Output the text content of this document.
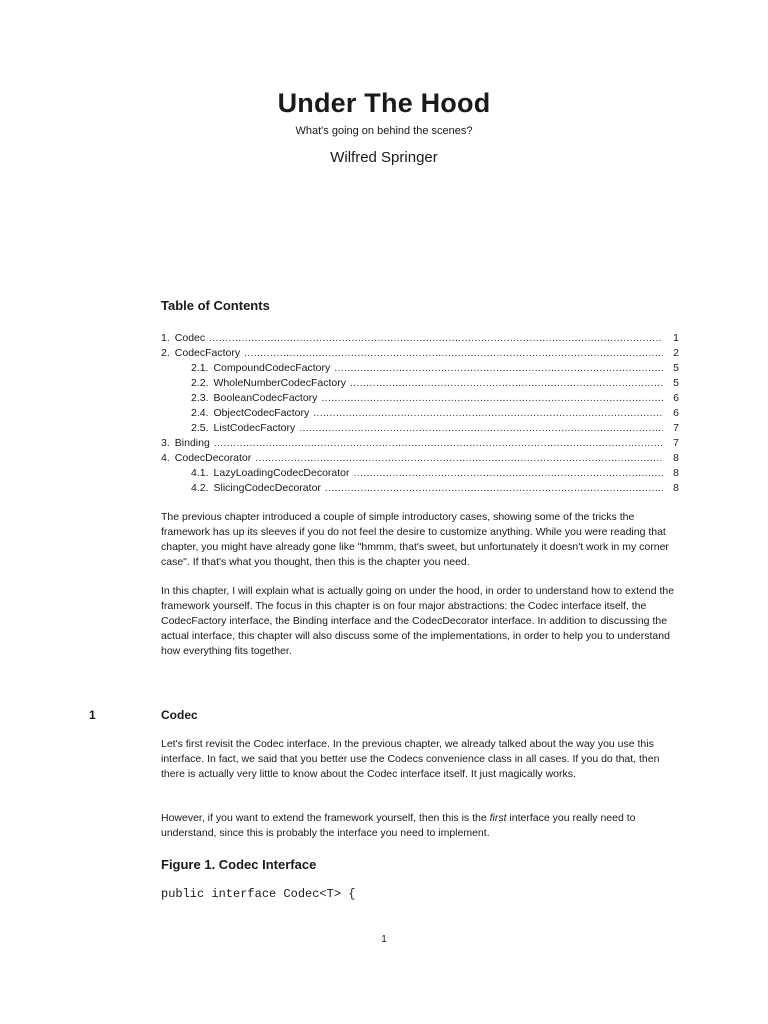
Under The Hood
What's going on behind the scenes?
Wilfred Springer
Table of Contents
1. Codec . . .	1
2. CodecFactory . . .	2
2.1. CompoundCodecFactory . . .	5
2.2. WholeNumberCodecFactory . . .	5
2.3. BooleanCodecFactory . . .	6
2.4. ObjectCodecFactory . . .	6
2.5. ListCodecFactory . . .	7
3. Binding . . .	7
4. CodecDecorator . . .	8
4.1. LazyLoadingCodecDecorator . . .	8
4.2. SlicingCodecDecorator . . .	8

The previous chapter introduced a couple of simple introductory cases, showing some of the tricks the framework has up its sleeves if you do not feel the desire to customize anything. While you were reading that chapter, you might have already gone like "hmmm, that's sweet, but unfortunately it doesn't work in my corner case". If that's what you thought, then this is the chapter you need.

In this chapter, I will explain what is actually going on under the hood, in order to understand how to extend the framework yourself. The focus in this chapter is on four major abstractions: the Codec interface itself, the CodecFactory interface, the Binding interface and the CodecDecorator interface. In addition to discussing the actual interface, this chapter will also discuss some of the implementations, in order to help you to understand how everything fits together.

1	Codec

Let's first revisit the Codec interface. In the previous chapter, we already talked about the way you use this interface. In fact, we said that you better use the Codecs convenience class in all cases. If you do that, then there is actually very little to know about the Codec interface itself. It just magically works.

However, if you want to extend the framework yourself, then this is the first interface you really need to understand, since this is probably the interface you need to implement.

Figure 1. Codec Interface
public interface Codec<T> {
1
